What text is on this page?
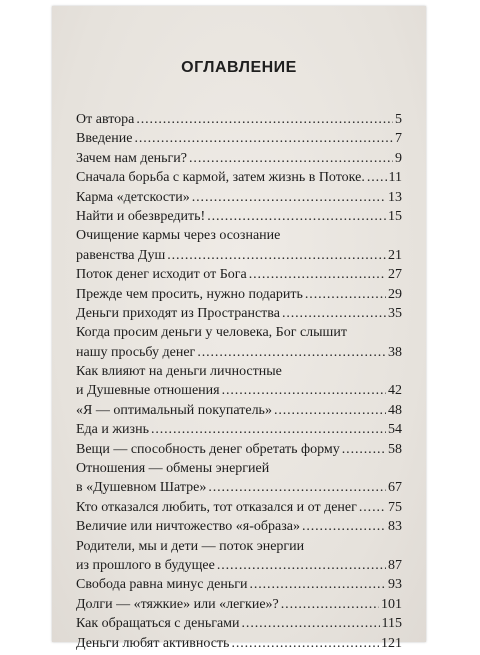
ОГЛАВЛЕНИЕ
От автора . . .	5
Введение . . .	7
Зачем нам деньги? . . .	9
Сначала борьба с кармой, затем жизнь в Потоке. . . . 11
Карма «детскости» . . .	13
Найти и обезвредить! . . .	15
Очищение кармы через осознание
равенства Душ . . .	21
Поток денег исходит от Бога . . .	27
Прежде чем просить, нужно подарить . . .	29
Деньги приходят из Пространства . . .	35
Когда просим деньги у человека, Бог слышит
нашу просьбу денег . . .	38
Как влияют на деньги личностные
и Душевные отношения . . .	42
«Я — оптимальный покупатель» . . .	48
Еда и жизнь . . .	54
Вещи — способность денег обретать форму . . .	58
Отношения — обмены энергией
в «Душевном Шатре» . . .	67
Кто отказался любить, тот отказался и от денег . . . 75
Величие или ничтожество «я-образа» . . .	83
Родители, мы и дети — поток энергии
из прошлого в будущее . . .	87
Свобода равна минус деньги . . .	93
Долги — «тяжкие» или «легкие»? . . .	101
Как обращаться с деньгами . . .	115
Деньги любят активность . . .	121
